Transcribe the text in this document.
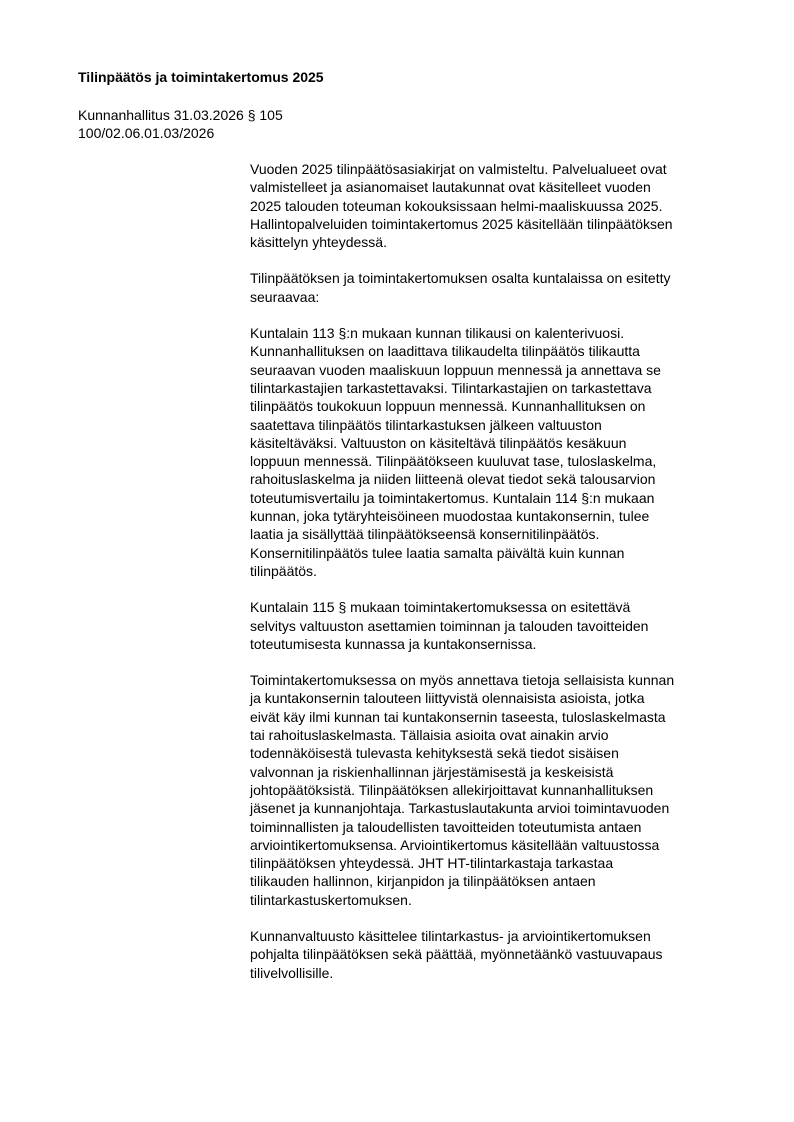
Tilinpäätös ja toimintakertomus 2025
Kunnanhallitus 31.03.2026 § 105
100/02.06.01.03/2026

Vuoden 2025 tilinpäätösasiakirjat on valmisteltu. Palvelualueet ovat
valmistelleet ja asianomaiset lautakunnat ovat käsitelleet vuoden
2025 talouden toteuman kokouksissaan helmi-maaliskuussa 2025.
Hallintopalveluiden toimintakertomus 2025 käsitellään tilinpäätöksen
käsittelyn yhteydessä.

Tilinpäätöksen ja toimintakertomuksen osalta kuntalaissa on esitetty
seuraavaa:

Kuntalain 113 §:n mukaan kunnan tilikausi on kalenterivuosi.
Kunnanhallituksen on laadittava tilikaudelta tilinpäätös tilikautta
seuraavan vuoden maaliskuun loppuun mennessä ja annettava se
tilintarkastajien tarkastettavaksi. Tilintarkastajien on tarkastettava
tilinpäätös toukokuun loppuun mennessä. Kunnanhallituksen on
saatettava tilinpäätös tilintarkastuksen jälkeen valtuuston
käsiteltäväksi. Valtuuston on käsiteltävä tilinpäätös kesäkuun
loppuun mennessä. Tilinpäätökseen kuuluvat tase, tuloslaskelma,
rahoituslaskelma ja niiden liitteenä olevat tiedot sekä talousarvion
toteutumisvertailu ja toimintakertomus. Kuntalain 114 §:n mukaan
kunnan, joka tytäryhteisöineen muodostaa kuntakonsernin, tulee
laatia ja sisällyttää tilinpäätökseensä konsernitilinpäätös.
Konsernitilinpäätös tulee laatia samalta päivältä kuin kunnan
tilinpäätös.

Kuntalain 115 § mukaan toimintakertomuksessa on esitettävä
selvitys valtuuston asettamien toiminnan ja talouden tavoitteiden
toteutumisesta kunnassa ja kuntakonsernissa.

Toimintakertomuksessa on myös annettava tietoja sellaisista kunnan
ja kuntakonsernin talouteen liittyvistä olennaisista asioista, jotka
eivät käy ilmi kunnan tai kuntakonsernin taseesta, tuloslaskelmasta
tai rahoituslaskelmasta. Tällaisia asioita ovat ainakin arvio
todennäköisestä tulevasta kehityksestä sekä tiedot sisäisen
valvonnan ja riskienhallinnan järjestämisestä ja keskeisistä
johtopäätöksistä. Tilinpäätöksen allekirjoittavat kunnanhallituksen
jäsenet ja kunnanjohtaja. Tarkastuslautakunta arvioi toimintavuoden
toiminnallisten ja taloudellisten tavoitteiden toteutumista antaen
arviointikertomuksensa. Arviointikertomus käsitellään valtuustossa
tilinpäätöksen yhteydessä. JHT HT-tilintarkastaja tarkastaa
tilikauden hallinnon, kirjanpidon ja tilinpäätöksen antaen
tilintarkastuskertomuksen.

Kunnanvaltuusto käsittelee tilintarkastus- ja arviointikertomuksen
pohjalta tilinpäätöksen sekä päättää, myönnetäänkö vastuuvapaus
tilivelvollisille.
